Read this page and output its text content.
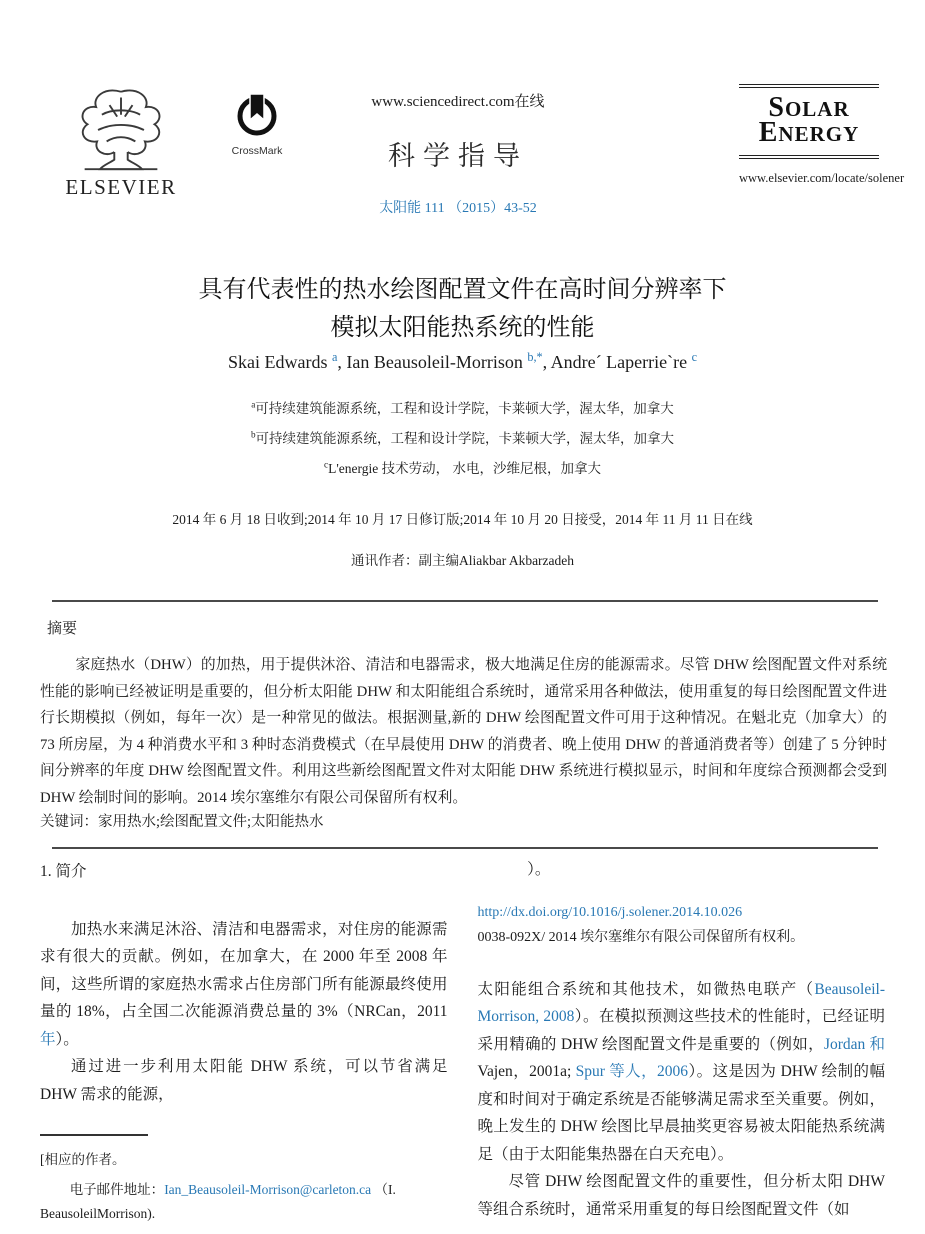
ELSEVIER
CrossMark
www.sciencedirect.com在线
科学指导
太阳能 111 （2015）43-52
SOLAR
ENERGY
www.elsevier.com/locate/solener
具有代表性的热水绘图配置文件在高时间分辨率下
模拟太阳能热系统的性能
Skai Edwards $^a$, Ian Beausoleil-Morrison $^{b,*}$, Andre´ Laperrie`re $^c$
$^a$可持续建筑能源系统，工程和设计学院，卡莱顿大学，渥太华，加拿大
$^b$可持续建筑能源系统，工程和设计学院，卡莱顿大学，渥太华，加拿大
$^c$L'energie 技术劳动， 水电，沙维尼根，加拿大
2014 年 6 月 18 日收到;2014 年 10 月 17 日修订版;2014 年 10 月 20 日接受，2014 年 11 月 11 日在线
通讯作者：副主编Aliakbar Akbarzadeh
摘要

家庭热水（DHW）的加热，用于提供沐浴、清洁和电器需求，极大地满足住房的能源需求。尽管 DHW 绘图配置文件对系统性能的影响已经被证明是重要的，但分析太阳能 DHW 和太阳能组合系统时，通常采用各种做法，使用重复的每日绘图配置文件进行长期模拟（例如，每年一次）是一种常见的做法。根据测量,新的 DHW 绘图配置文件可用于这种情况。在魁北克（加拿大）的 73 所房屋，为 4 种消费水平和 3 种时态消费模式（在早晨使用 DHW 的消费者、晚上使用 DHW 的普通消费者等）创建了 5 分钟时间分辨率的年度 DHW 绘图配置文件。利用这些新绘图配置文件对太阳能 DHW 系统进行模拟显示，时间和年度综合预测都会受到 DHW 绘制时间的影响。2014 埃尔塞维尔有限公司保留所有权利。

关键词：家用热水;绘图配置文件;太阳能热水
1. 简介

加热水来满足沐浴、清洁和电器需求，对住房的能源需求有很大的贡献。例如，在加拿大，在 2000 年至 2008 年间，这些所谓的家庭热水需求占住房部门所有能源最终使用量的 18%，占全国二次能源消费总量的 3%（NRCan，2011 年）。

通过进一步利用太阳能 DHW 系统，可以节省满足 DHW 需求的能源，

[相应的作者。

电子邮件地址：Ian_Beausoleil-Morrison@carleton.ca （I. BeausoleilMorrison).

）。

http://dx.doi.org/10.1016/j.solener.2014.10.026

0038-092X/ 2014 埃尔塞维尔有限公司保留所有权利。

太阳能组合系统和其他技术，如微热电联产（Beausoleil-Morrison, 2008）。在模拟预测这些技术的性能时，已经证明采用精确的 DHW 绘图配置文件是重要的（例如，Jordan 和 Vajen，2001a; Spur 等人，2006）。这是因为 DHW 绘制的幅度和时间对于确定系统是否能够满足需求至关重要。例如，晚上发生的 DHW 绘图比早晨抽奖更容易被太阳能热系统满足（由于太阳能集热器在白天充电）。

尽管 DHW 绘图配置文件的重要性，但分析太阳 DHW 等组合系统时，通常采用重复的每日绘图配置文件（如
